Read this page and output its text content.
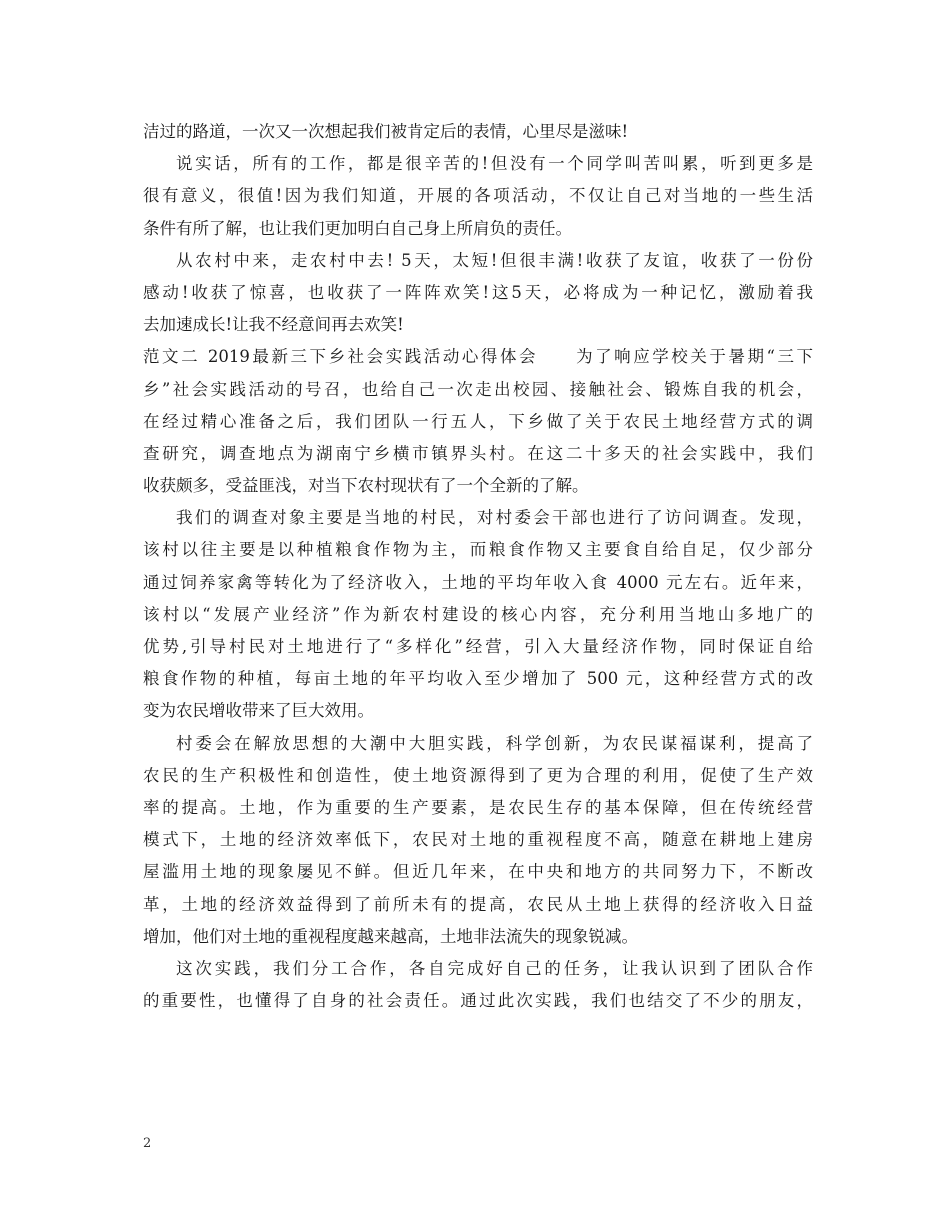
洁过的路道，一次又一次想起我们被肯定后的表情，心里尽是滋味!
说实话，所有的工作，都是很辛苦的!但没有一个同学叫苦叫累，听到更多是
很有意义，很值!因为我们知道，开展的各项活动，不仅让自己对当地的一些生活
条件有所了解，也让我们更加明白自己身上所肩负的责任。
从农村中来，走农村中去! 5天，太短!但很丰满!收获了友谊，收获了一份份
感动!收获了惊喜，也收获了一阵阵欢笑!这5天，必将成为一种记忆，激励着我
去加速成长!让我不经意间再去欢笑!
范文二 2019最新三下乡社会实践活动心得体会　　为了响应学校关于暑期“三下
乡”社会实践活动的号召，也给自己一次走出校园、接触社会、锻炼自我的机会，
在经过精心准备之后，我们团队一行五人，下乡做了关于农民土地经营方式的调
查研究，调查地点为湖南宁乡横市镇界头村。在这二十多天的社会实践中，我们
收获颇多，受益匪浅，对当下农村现状有了一个全新的了解。
我们的调查对象主要是当地的村民，对村委会干部也进行了访问调查。发现，
该村以往主要是以种植粮食作物为主，而粮食作物又主要食自给自足，仅少部分
通过饲养家禽等转化为了经济收入，土地的平均年收入食 4000 元左右。近年来，
该村以“发展产业经济”作为新农村建设的核心内容，充分利用当地山多地广的
优势,引导村民对土地进行了“多样化”经营，引入大量经济作物，同时保证自给
粮食作物的种植，每亩土地的年平均收入至少增加了 500 元，这种经营方式的改
变为农民增收带来了巨大效用。
村委会在解放思想的大潮中大胆实践，科学创新，为农民谋福谋利，提高了
农民的生产积极性和创造性，使土地资源得到了更为合理的利用，促使了生产效
率的提高。土地，作为重要的生产要素，是农民生存的基本保障，但在传统经营
模式下，土地的经济效率低下，农民对土地的重视程度不高，随意在耕地上建房
屋滥用土地的现象屡见不鲜。但近几年来，在中央和地方的共同努力下，不断改
革，土地的经济效益得到了前所未有的提高，农民从土地上获得的经济收入日益
增加，他们对土地的重视程度越来越高，土地非法流失的现象锐减。
这次实践，我们分工合作，各自完成好自己的任务，让我认识到了团队合作
的重要性，也懂得了自身的社会责任。通过此次实践，我们也结交了不少的朋友，
2
